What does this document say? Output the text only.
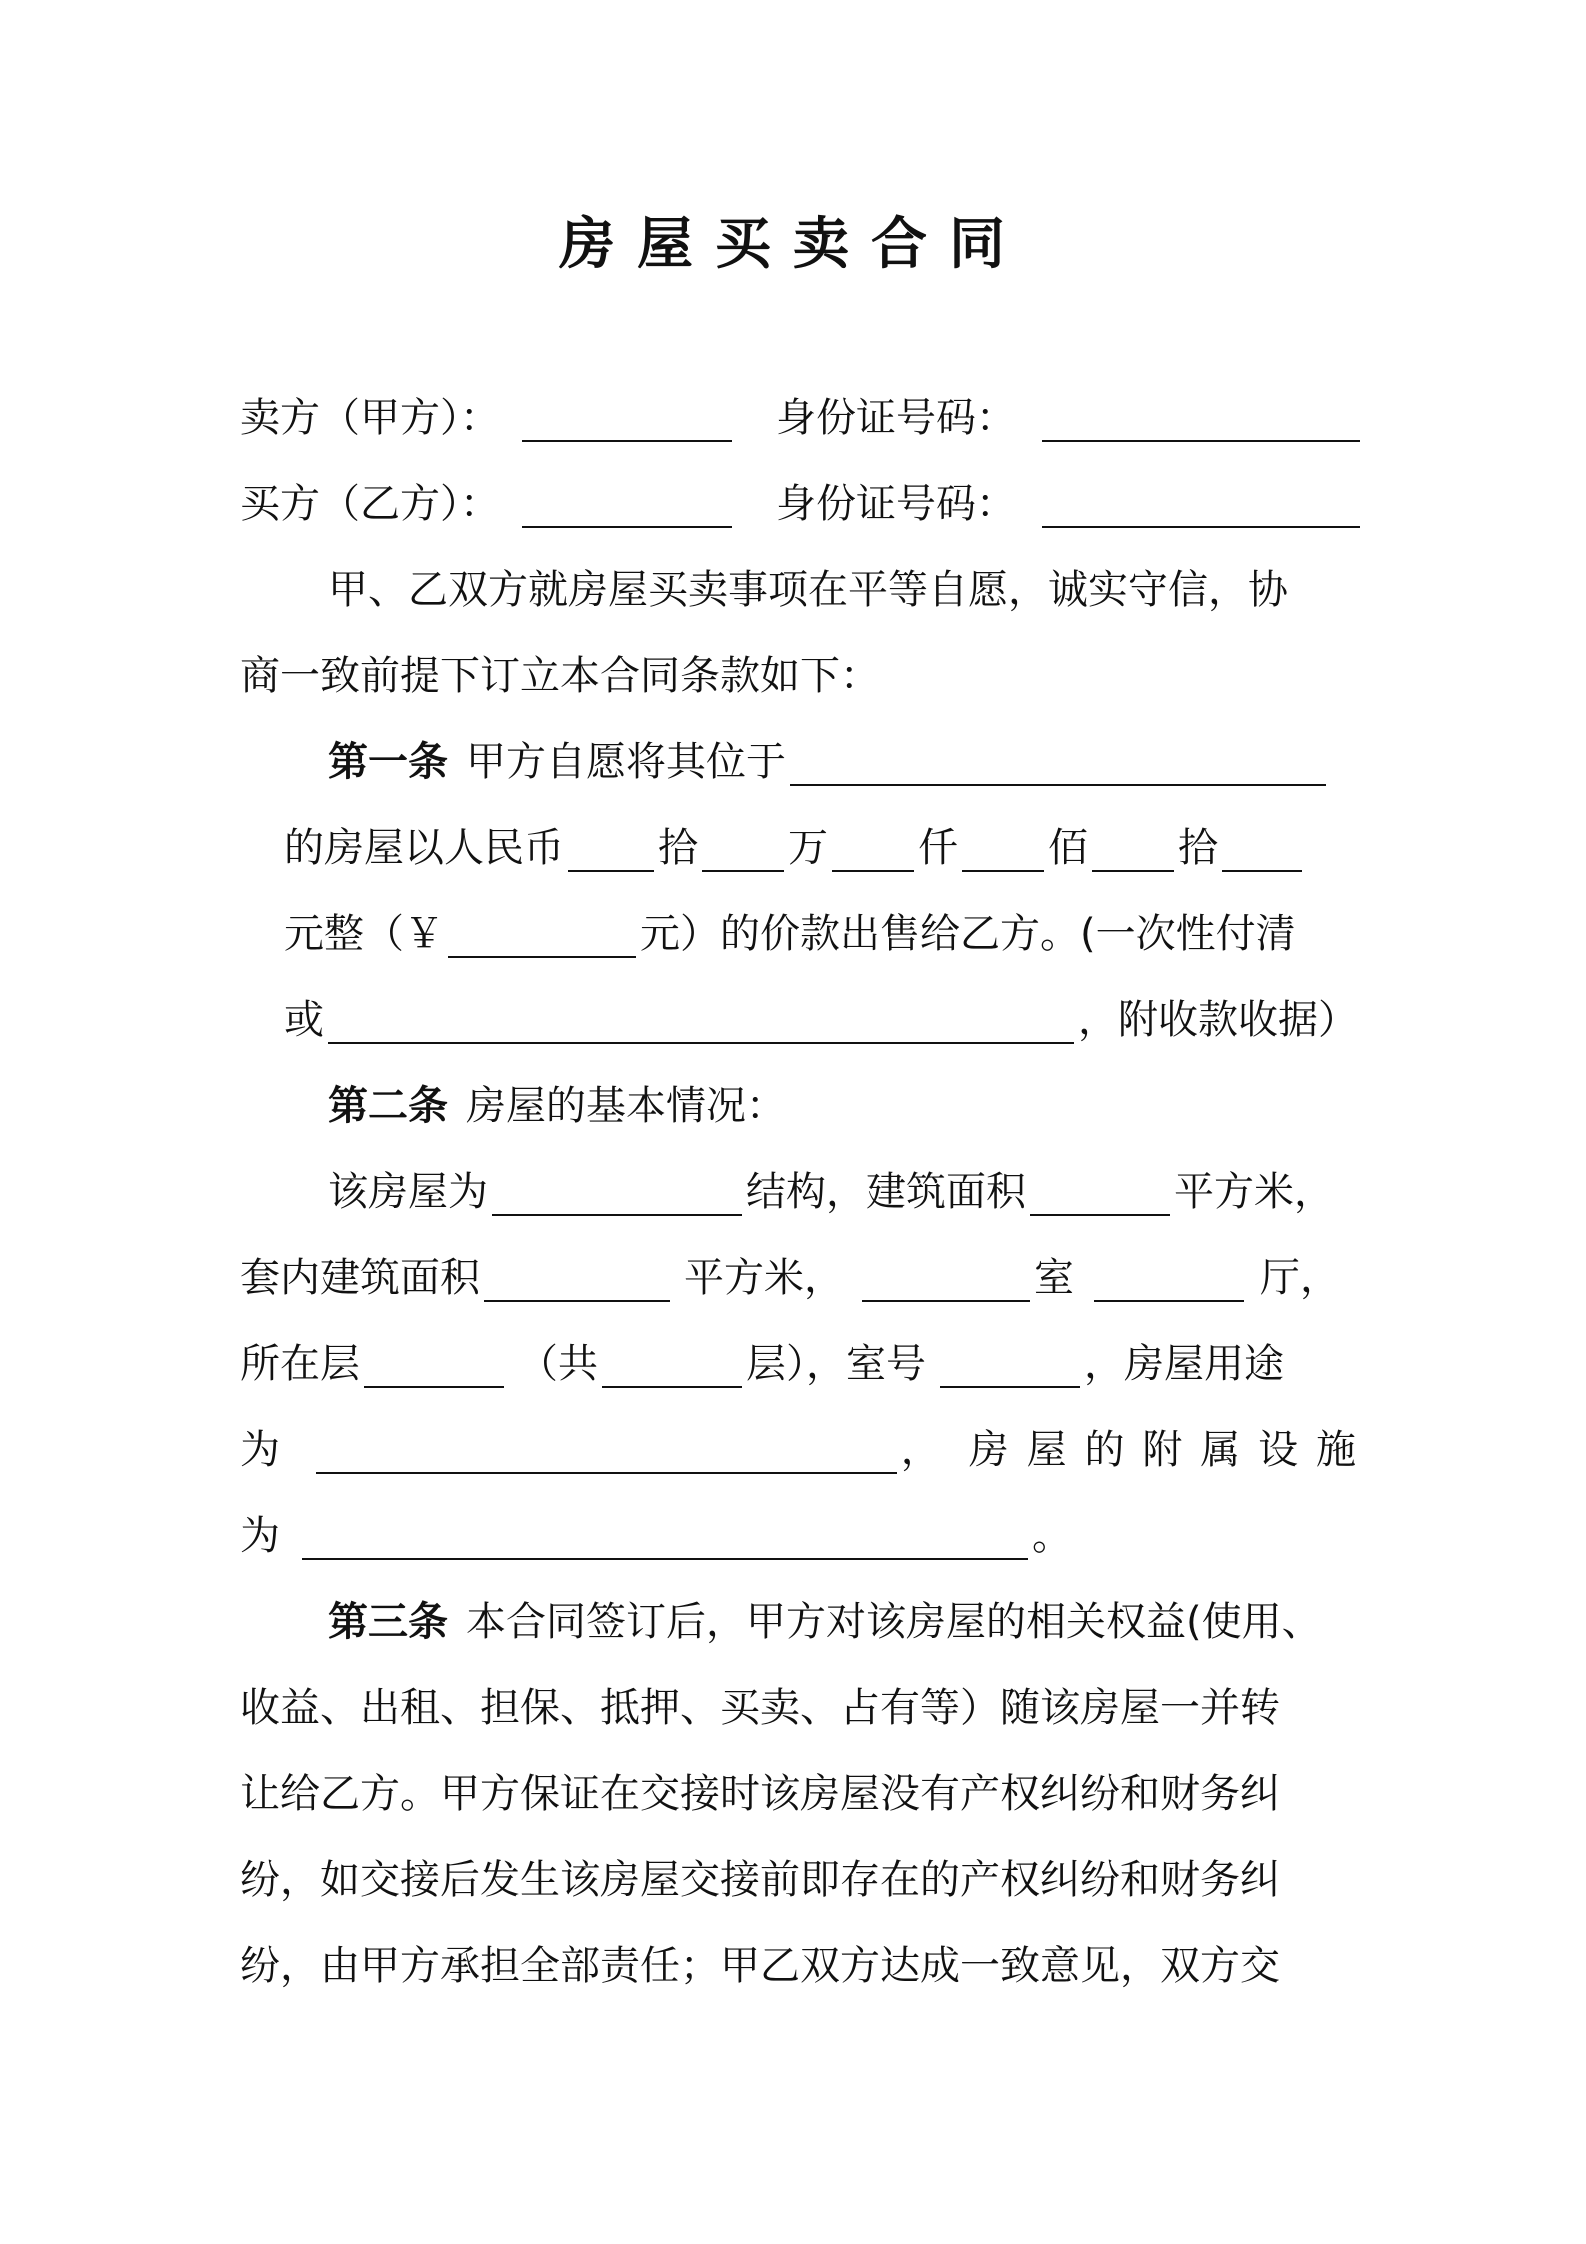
房屋买卖合同
卖方（甲方）：	身份证号码：
买方（乙方）：	身份证号码：
甲、乙双方就房屋买卖事项在平等自愿，诚实守信，协
商一致前提下订立本合同条款如下：
第一条 甲方自愿将其位于
的房屋以人民币 拾 万 仟 佰 拾
元整（￥	元）的价款出售给乙方。(一次性付清
或	，附收款收据）
第二条 房屋的基本情况：
该房屋为	结构，建筑面积	平方米，
套内建筑面积	平方米，	室	厅，
所在层	（共	层），室号	，房屋用途
为	， 房 屋 的 附 属 设 施
为	。
第三条 本合同签订后，甲方对该房屋的相关权益(使用、
收益、出租、担保、抵押、买卖、占有等）随该房屋一并转
让给乙方。甲方保证在交接时该房屋没有产权纠纷和财务纠
纷，如交接后发生该房屋交接前即存在的产权纠纷和财务纠
纷，由甲方承担全部责任；甲乙双方达成一致意见，双方交
